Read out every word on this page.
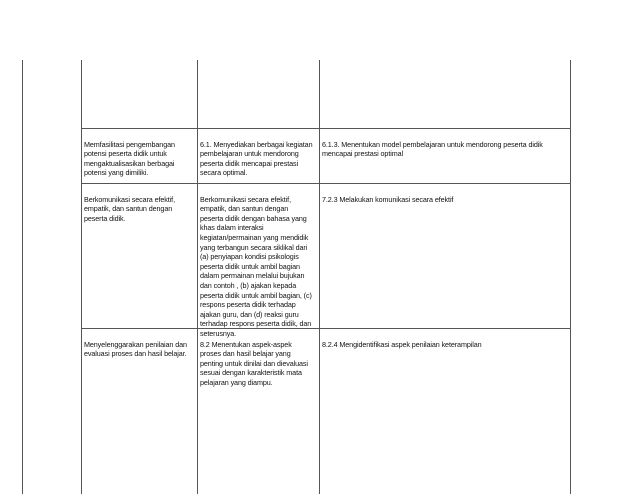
Memfasilitasi pengembangan
potensi peserta didik untuk
mengaktualisasikan berbagai
potensi yang dimiliki.

6.1. Menyediakan berbagai kegiatan
pembelajaran untuk mendorong
peserta didik mencapai prestasi
secara optimal.

6.1.3. Menentukan model pembelajaran untuk mendorong peserta didik
mencapai prestasi optimal

Berkomunikasi secara efektif,
empatik, dan santun dengan
peserta didik.

Berkomunikasi secara efektif,
empatik, dan santun dengan
peserta didik dengan bahasa yang
khas dalam interaksi
kegiatan/permainan yang mendidik
yang terbangun secara siklikal dari
(a) penyiapan kondisi psikologis
peserta didik untuk ambil bagian
dalam permainan melalui bujukan
dan contoh , (b) ajakan kepada
peserta didik untuk ambil bagian, (c)
respons peserta didik terhadap
ajakan guru, dan (d) reaksi guru
terhadap respons peserta didik, dan
seterusnya.

7.2.3 Melakukan komunikasi secara efektif

Menyelenggarakan penilaian dan
evaluasi proses dan hasil belajar.

8.2 Menentukan aspek-aspek
proses dan hasil belajar yang
penting untuk dinilai dan dievaluasi
sesuai dengan karakteristik mata
pelajaran yang diampu.

8.2.4 Mengidentifikasi aspek penilaian keterampilan
